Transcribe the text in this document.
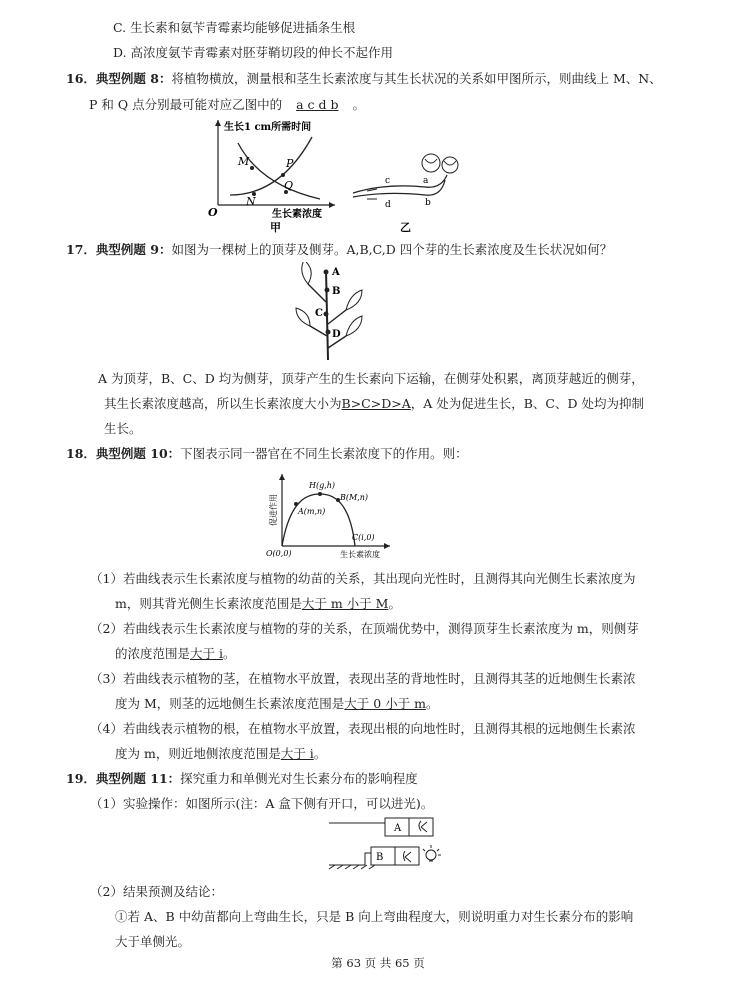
C. 生长素和氨苄青霉素均能够促进插条生根
D. 高浓度氨苄青霉素对胚芽鞘切段的伸长不起作用
16．典型例题 8：将植物横放，测量根和茎生长素浓度与其生长状况的关系如甲图所示，则曲线上 M、N、
P 和 Q 点分别最可能对应乙图中的 a c d b 。
生长1 cm所需时间
M	P
N
Q
O	生长素浓度
甲
c	a
d	b
乙
17．典型例题 9：如图为一棵树上的顶芽及侧芽。A,B,C,D 四个芽的生长素浓度及生长状况如何？
A
B
C
D
A 为顶芽，B、C、D 均为侧芽，顶芽产生的生长素向下运输，在侧芽处积累，离顶芽越近的侧芽，
其生长素浓度越高，所以生长素浓度大小为B>C>D>A，A 处为促进生长，B、C、D 处均为抑制
生长。
18．典型例题 10：下图表示同一器官在不同生长素浓度下的作用。则：
促进作用
H(g,h)
B(M,n)
A(m,n)
C(i,0)
O(0,0)	生长素浓度
（1）若曲线表示生长素浓度与植物的幼苗的关系，其出现向光性时，且测得其向光侧生长素浓度为
m，则其背光侧生长素浓度范围是大于 m 小于 M。
（2）若曲线表示生长素浓度与植物的芽的关系，在顶端优势中，测得顶芽生长素浓度为 m，则侧芽
的浓度范围是大于 i。
（3）若曲线表示植物的茎，在植物水平放置，表现出茎的背地性时，且测得其茎的近地侧生长素浓
度为 M，则茎的远地侧生长素浓度范围是大于 0 小于 m。
（4）若曲线表示植物的根，在植物水平放置，表现出根的向地性时，且测得其根的远地侧生长素浓
度为 m，则近地侧浓度范围是大于 i。
19．典型例题 11：探究重力和单侧光对生长素分布的影响程度
（1）实验操作：如图所示(注：A 盒下侧有开口，可以进光)。
A
B
（2）结果预测及结论：
①若 A、B 中幼苗都向上弯曲生长，只是 B 向上弯曲程度大，则说明重力对生长素分布的影响
大于单侧光。
第 63 页 共 65 页
